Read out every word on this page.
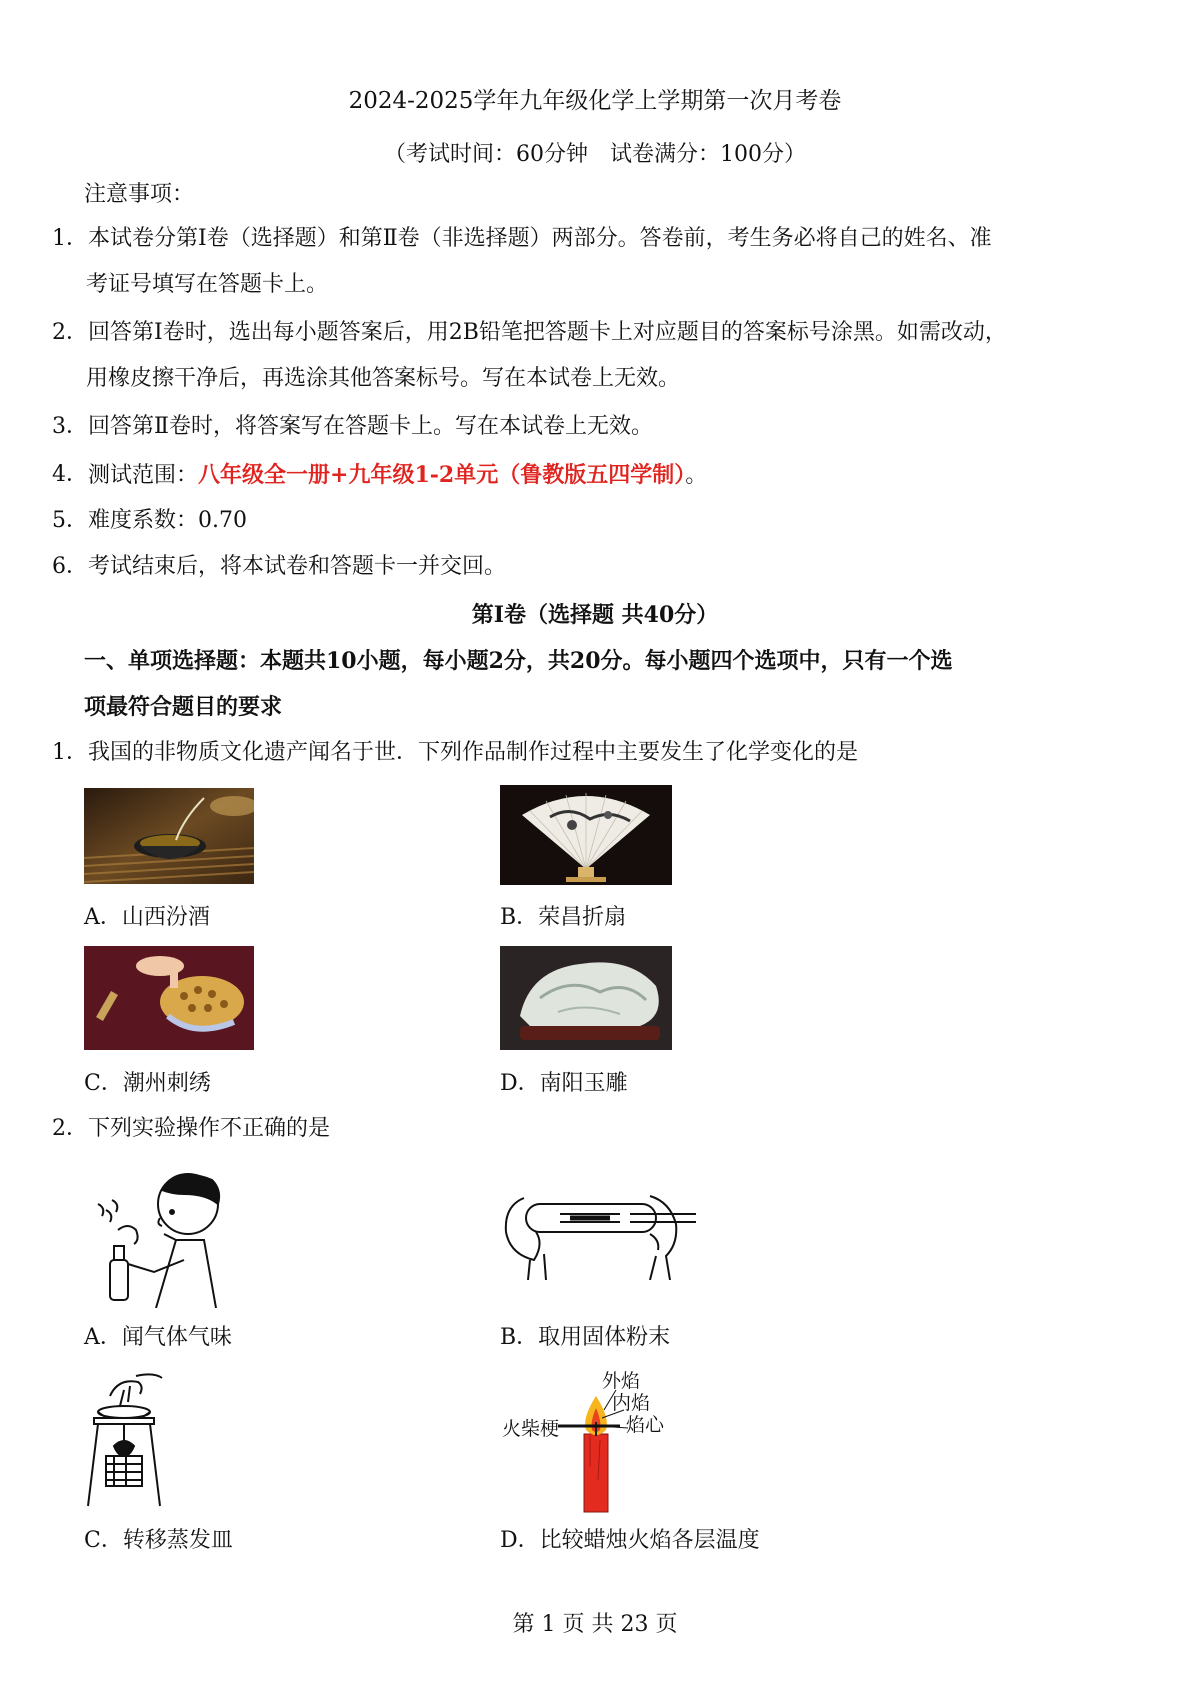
2024-2025学年九年级化学上学期第一次月考卷
（考试时间：60分钟　试卷满分：100分）
注意事项：
1． 本试卷分第Ⅰ卷（选择题）和第Ⅱ卷（非选择题）两部分。答卷前，考生务必将自己的姓名、准
考证号填写在答题卡上。
2． 回答第Ⅰ卷时，选出每小题答案后，用2B铅笔把答题卡上对应题目的答案标号涂黑。如需改动，
用橡皮擦干净后，再选涂其他答案标号。写在本试卷上无效。
3． 回答第Ⅱ卷时，将答案写在答题卡上。写在本试卷上无效。
4． 测试范围：八年级全一册+九年级1-2单元（鲁教版五四学制）。
5． 难度系数：0.70
6． 考试结束后，将本试卷和答题卡一并交回。
第Ⅰ卷（选择题 共40分）
一、单项选择题：本题共10小题，每小题2分，共20分。每小题四个选项中，只有一个选
项最符合题目的要求
1． 我国的非物质文化遗产闻名于世．下列作品制作过程中主要发生了化学变化的是
A．山西汾酒	B．荣昌折扇
C．潮州刺绣	D．南阳玉雕
2． 下列实验操作不正确的是
A．闻气体气味	B．取用固体粉末
外焰
内焰
焰心
火柴梗
C．转移蒸发皿	D．比较蜡烛火焰各层温度
第 1 页 共 23 页
